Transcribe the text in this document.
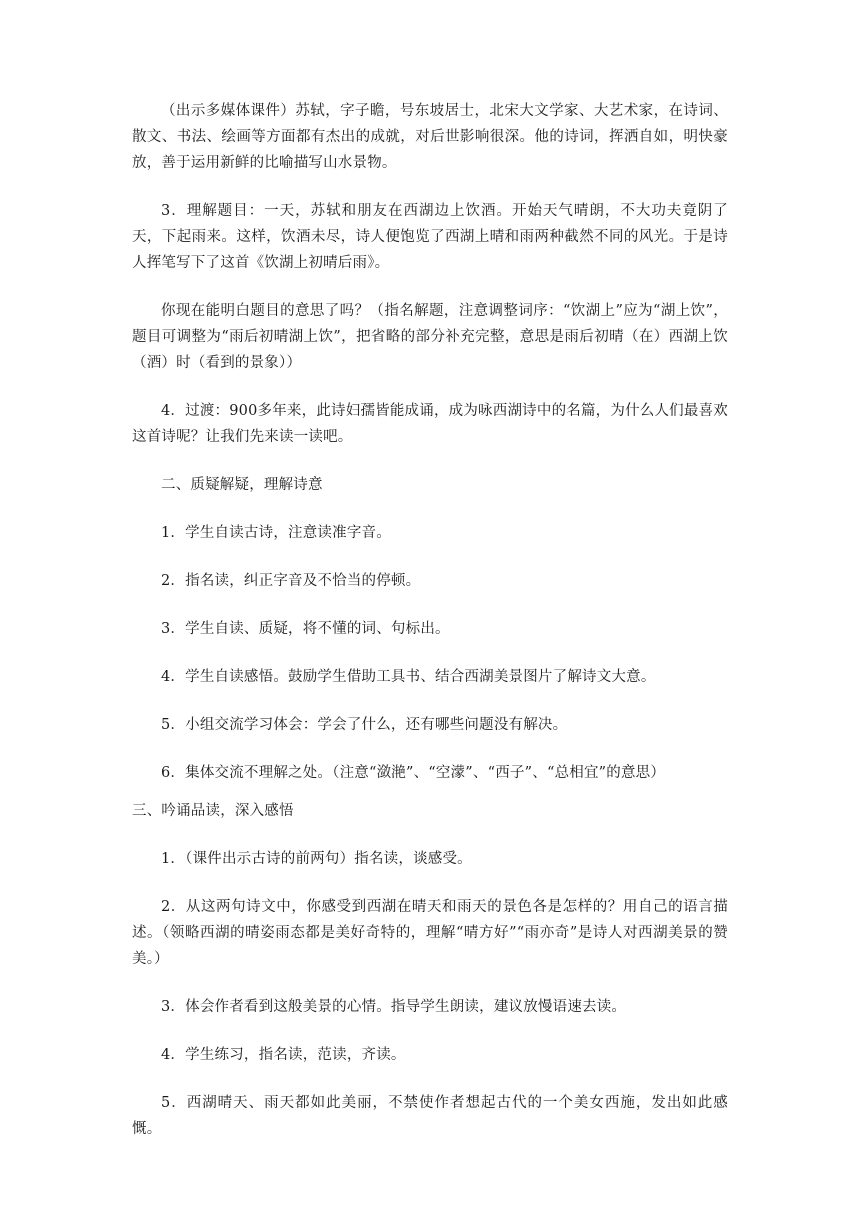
（出示多媒体课件）苏轼，字子瞻，号东坡居士，北宋大文学家、大艺术家，在诗词、散文、书法、绘画等方面都有杰出的成就，对后世影响很深。他的诗词，挥洒自如，明快豪放，善于运用新鲜的比喻描写山水景物。

3．理解题目：一天，苏轼和朋友在西湖边上饮酒。开始天气晴朗，不大功夫竟阴了天，下起雨来。这样，饮酒未尽，诗人便饱览了西湖上晴和雨两种截然不同的风光。于是诗人挥笔写下了这首《饮湖上初晴后雨》。

你现在能明白题目的意思了吗？（指名解题，注意调整词序：“饮湖上”应为“湖上饮”，题目可调整为“雨后初晴湖上饮”，把省略的部分补充完整，意思是雨后初晴（在）西湖上饮（酒）时（看到的景象））

4．过渡：900多年来，此诗妇孺皆能成诵，成为咏西湖诗中的名篇，为什么人们最喜欢这首诗呢？让我们先来读一读吧。

二、质疑解疑，理解诗意

1．学生自读古诗，注意读准字音。

2．指名读，纠正字音及不恰当的停顿。

3．学生自读、质疑，将不懂的词、句标出。

4．学生自读感悟。鼓励学生借助工具书、结合西湖美景图片了解诗文大意。

5．小组交流学习体会：学会了什么，还有哪些问题没有解决。

6．集体交流不理解之处。（注意“潋滟”、“空濛”、“西子”、“总相宜”的意思）

三、吟诵品读，深入感悟

1．（课件出示古诗的前两句）指名读，谈感受。

2．从这两句诗文中，你感受到西湖在晴天和雨天的景色各是怎样的？用自己的语言描述。（领略西湖的晴姿雨态都是美好奇特的，理解“晴方好”“雨亦奇”是诗人对西湖美景的赞美。）

3．体会作者看到这般美景的心情。指导学生朗读，建议放慢语速去读。

4．学生练习，指名读，范读，齐读。

5．西湖晴天、雨天都如此美丽，不禁使作者想起古代的一个美女西施，发出如此感慨。
